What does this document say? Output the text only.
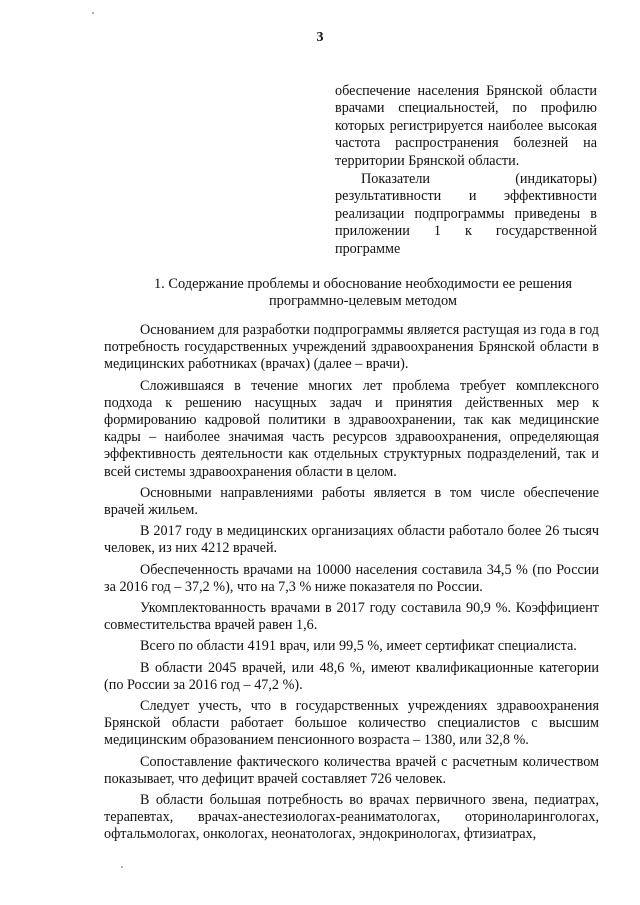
3

обеспечение населения Брянской области врачами специальностей, по профилю которых регистрируется наиболее высокая частота распространения болезней на территории Брянской области.

Показатели (индикаторы) результативности и эффективности реализации подпрограммы приведены в приложении 1 к государственной программе

1. Содержание проблемы и обоснование необходимости ее решения программно-целевым методом

Основанием для разработки подпрограммы является растущая из года в год потребность государственных учреждений здравоохранения Брянской области в медицинских работниках (врачах) (далее – врачи).

Сложившаяся в течение многих лет проблема требует комплексного подхода к решению насущных задач и принятия действенных мер к формированию кадровой политики в здравоохранении, так как медицинские кадры – наиболее значимая часть ресурсов здравоохранения, определяющая эффективность деятельности как отдельных структурных подразделений, так и всей системы здравоохранения области в целом.

Основными направлениями работы является в том числе обеспечение врачей жильем.

В 2017 году в медицинских организациях области работало более 26 тысяч человек, из них 4212 врачей.

Обеспеченность врачами на 10000 населения составила 34,5 % (по России за 2016 год – 37,2 %), что на 7,3 % ниже показателя по России.

Укомплектованность врачами в 2017 году составила 90,9 %. Коэффициент совместительства врачей равен 1,6.

Всего по области 4191 врач, или 99,5 %, имеет сертификат специалиста.

В области 2045 врачей, или 48,6 %, имеют квалификационные категории (по России за 2016 год – 47,2 %).

Следует учесть, что в государственных учреждениях здравоохранения Брянской области работает большое количество специалистов с высшим медицинским образованием пенсионного возраста – 1380, или 32,8 %.

Сопоставление фактического количества врачей с расчетным количеством показывает, что дефицит врачей составляет 726 человек.

В области большая потребность во врачах первичного звена, педиатрах, терапевтах, врачах-анестезиологах-реаниматологах, оториноларингологах, офтальмологах, онкологах, неонатологах, эндокринологах, фтизиатрах,
